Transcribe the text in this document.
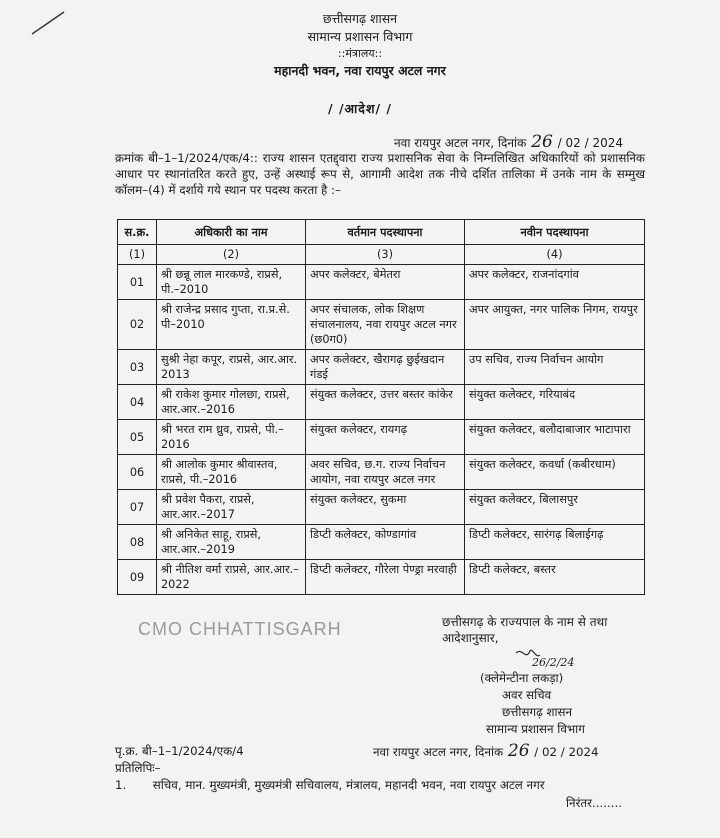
छत्तीसगढ़ शासन
सामान्य प्रशासन विभाग
::मंत्रालय::
महानदी भवन, नवा रायपुर अटल नगर
/ /आदेश/ /
नवा रायपुर अटल नगर, दिनांक 26 / 02 / 2024
क्रमांक बी–1–1/2024/एक/4:: राज्य शासन एतद्द्वारा राज्य प्रशासनिक सेवा के निम्नलिखित अधिकारियों को प्रशासनिक आधार पर स्थानांतरित करते हुए, उन्हें अस्थाई रूप से, आगामी आदेश तक नीचे दर्शित तालिका में उनके नाम के सम्मुख कॉलम–(4) में दर्शाये गये स्थान पर पदस्थ करता है :–
स.क्र.	अधिकारी का नाम	वर्तमान पदस्थापना	नवीन पदस्थापना
(1)	(2)	(3)	(4)
01	श्री छन्नू लाल मारकण्डे, राप्रसे, पी.–2010	अपर कलेक्टर, बेमेतरा	अपर कलेक्टर, राजनांदगांव
02	श्री राजेन्द्र प्रसाद गुप्ता, रा.प्र.से. पी–2010	अपर संचालक, लोक शिक्षण संचालनालय, नवा रायपुर अटल नगर (छ0ग0)	अपर आयुक्त, नगर पालिक निगम, रायपुर
03	सुश्री नेहा कपूर, राप्रसे, आर.आर. 2013	अपर कलेक्टर, खैरागढ़ छुईखदान गंडई	उप सचिव, राज्य निर्वाचन आयोग
04	श्री राकेश कुमार गोलछा, राप्रसे, आर.आर.–2016	संयुक्त कलेक्टर, उत्तर बस्तर कांकेर	संयुक्त कलेक्टर, गरियाबंद
05	श्री भरत राम ध्रुव, राप्रसे, पी.–2016	संयुक्त कलेक्टर, रायगढ़	संयुक्त कलेक्टर, बलौदाबाजार भाटापारा
06	श्री आलोक कुमार श्रीवास्तव, राप्रसे, पी.–2016	अवर सचिव, छ.ग. राज्य निर्वाचन आयोग, नवा रायपुर अटल नगर	संयुक्त कलेक्टर, कवर्धा (कबीरधाम)
07	श्री प्रवेश पैकरा, राप्रसे, आर.आर.–2017	संयुक्त कलेक्टर, सुकमा	संयुक्त कलेक्टर, बिलासपुर
08	श्री अनिकेत साहू, राप्रसे, आर.आर.–2019	डिप्टी कलेक्टर, कोण्डागांव	डिप्टी कलेक्टर, सारंगढ़ बिलाईगढ़
09	श्री नीतिश वर्मा राप्रसे, आर.आर.–2022	डिप्टी कलेक्टर, गौरेला पेण्ड्रा मरवाही	डिप्टी कलेक्टर, बस्तर
CMO CHHATTISGARH	छत्तीसगढ़ के राज्यपाल के नाम से तथा आदेशानुसार,
26/2/24
(क्लेमेन्टीना लकड़ा)
अवर सचिव
छत्तीसगढ़ शासन
सामान्य प्रशासन विभाग
पृ.क्र. बी–1–1/2024/एक/4	नवा रायपुर अटल नगर, दिनांक 26 / 02 / 2024
प्रतिलिपिः–
1. सचिव, मान. मुख्यमंत्री, मुख्यमंत्री सचिवालय, मंत्रालय, महानदी भवन, नवा रायपुर अटल नगर
निरंतर........
